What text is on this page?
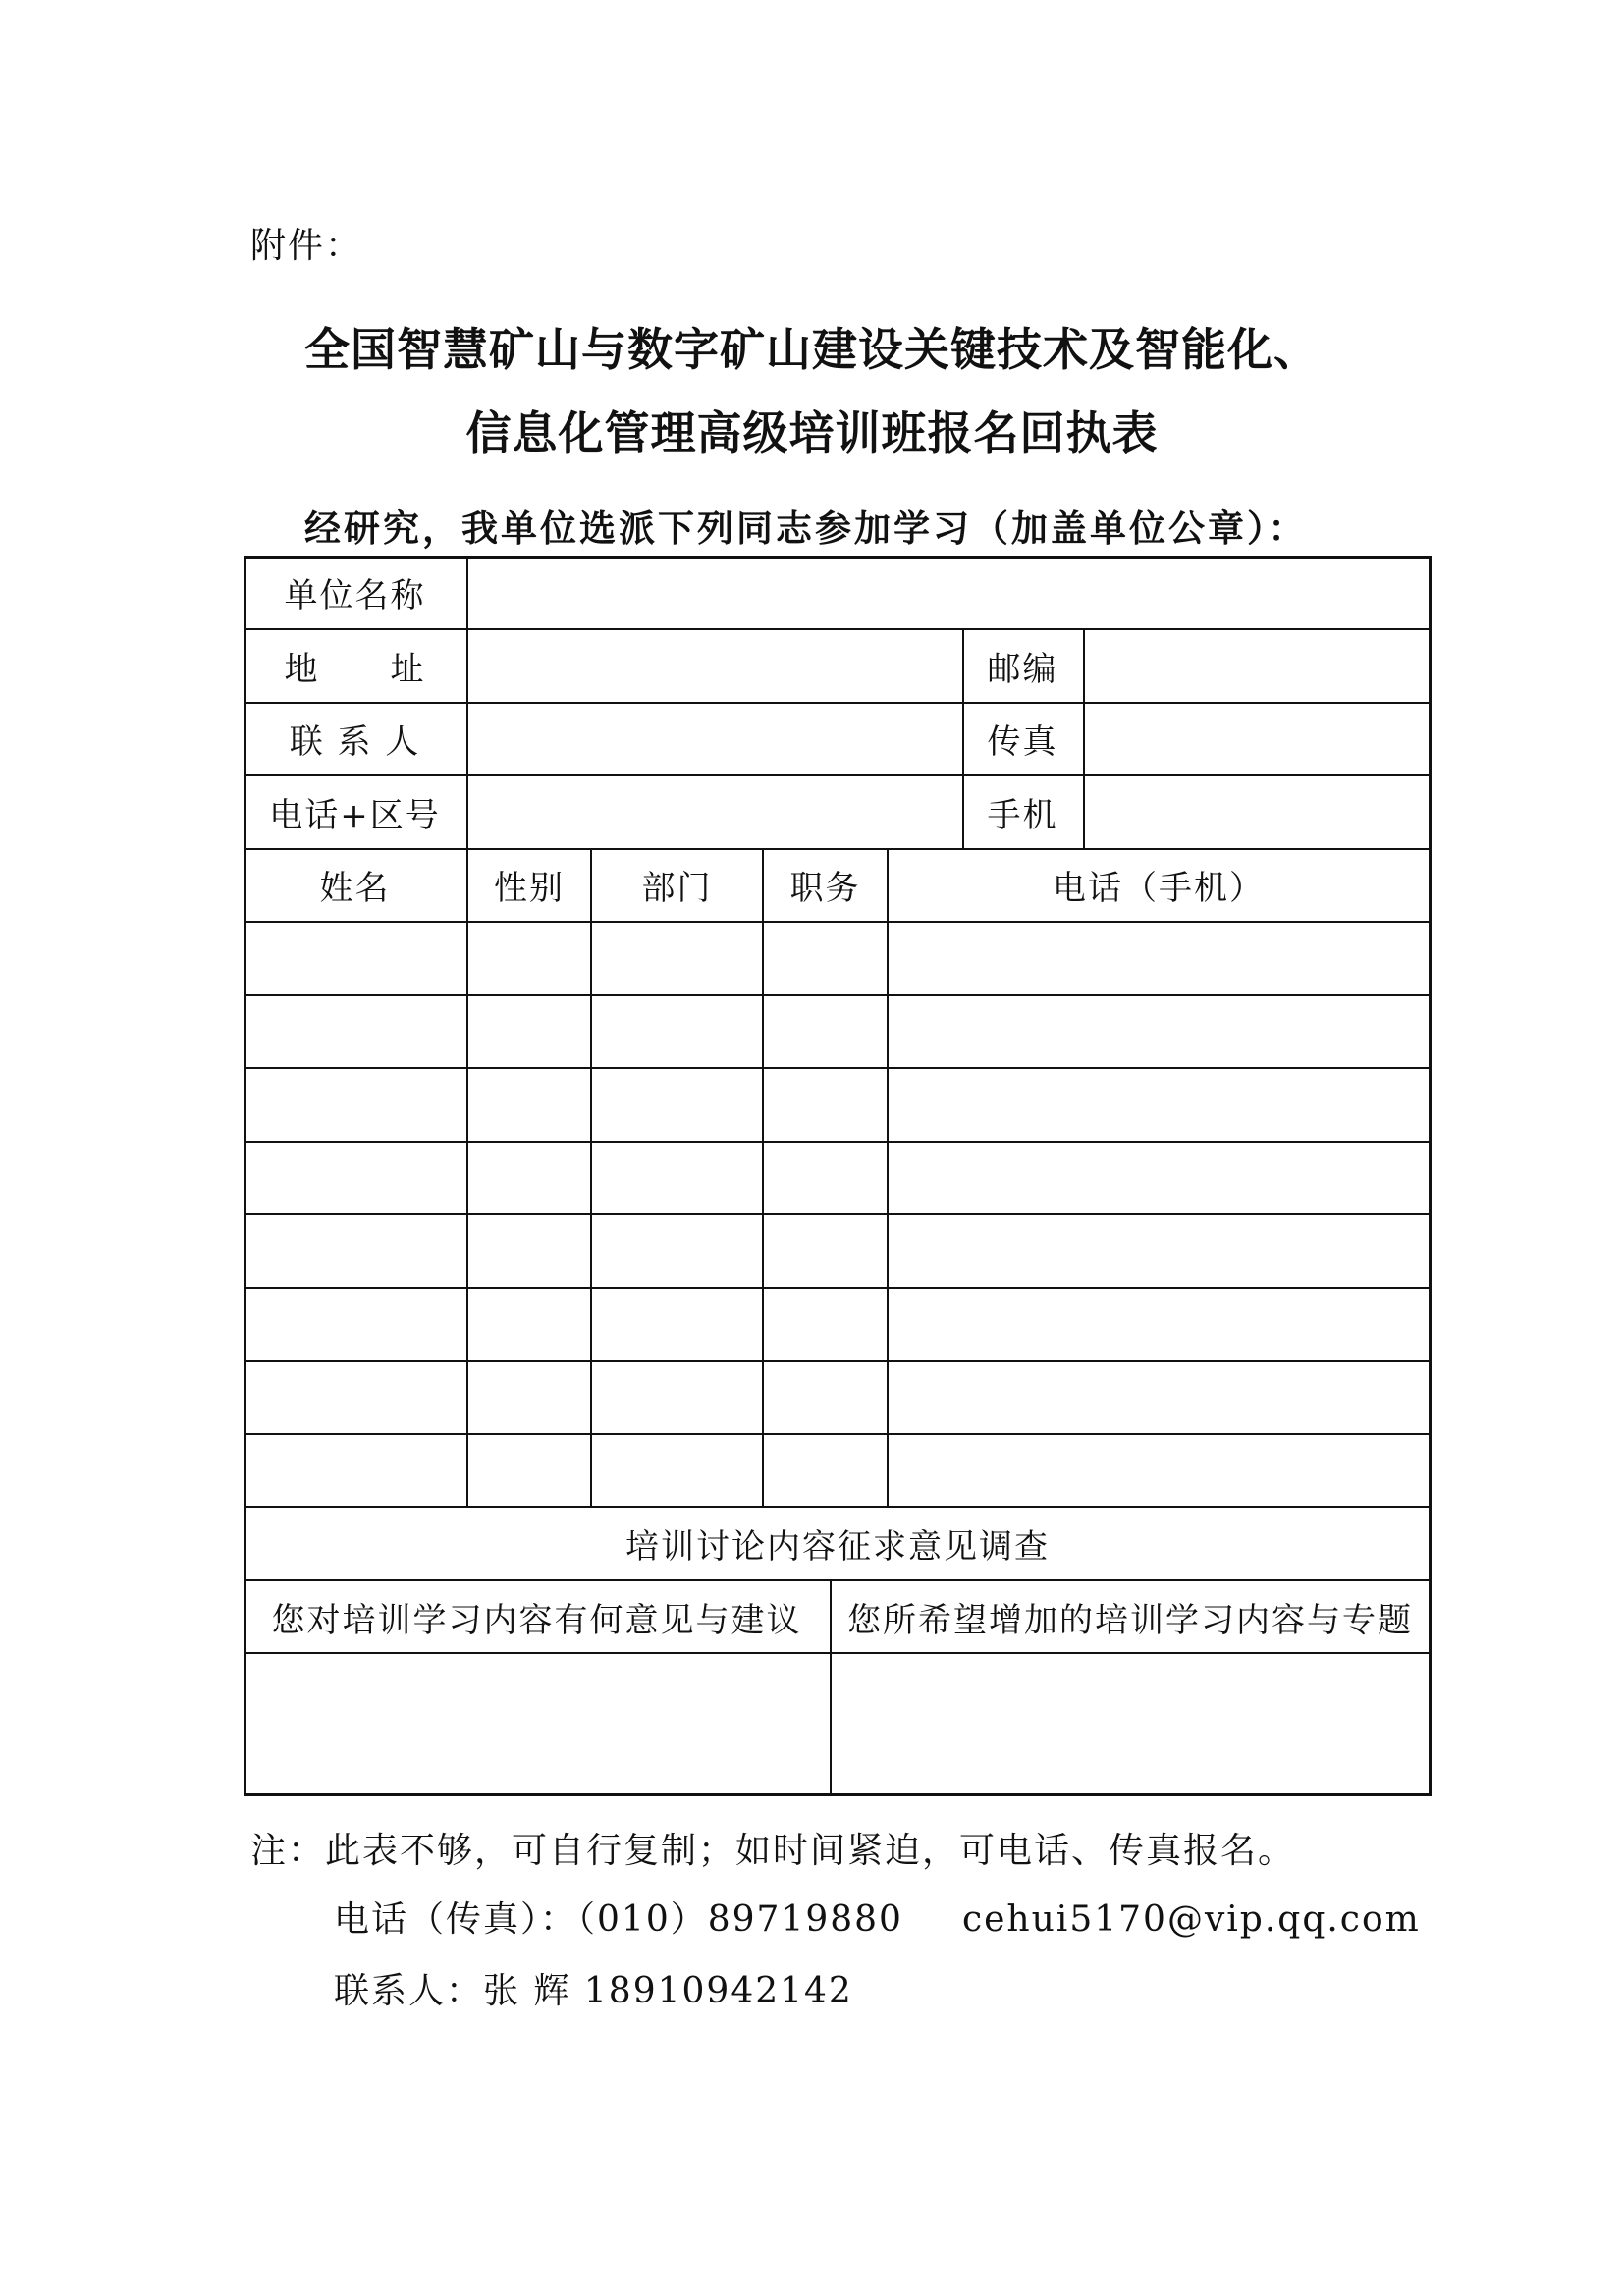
附件：
全国智慧矿山与数字矿山建设关键技术及智能化、
信息化管理高级培训班报名回执表
经研究，我单位选派下列同志参加学习（加盖单位公章）：
单位名称
地　　址	邮编
联 系 人	传真
电话+区号	手机
姓名	性别	部门	职务	电话（手机）
培训讨论内容征求意见调查
您对培训学习内容有何意见与建议	您所希望增加的培训学习内容与专题
注：此表不够，可自行复制；如时间紧迫，可电话、传真报名。
电话（传真）：（010）89719880 cehui5170@vip.qq.com
联系人：张 辉 18910942142
